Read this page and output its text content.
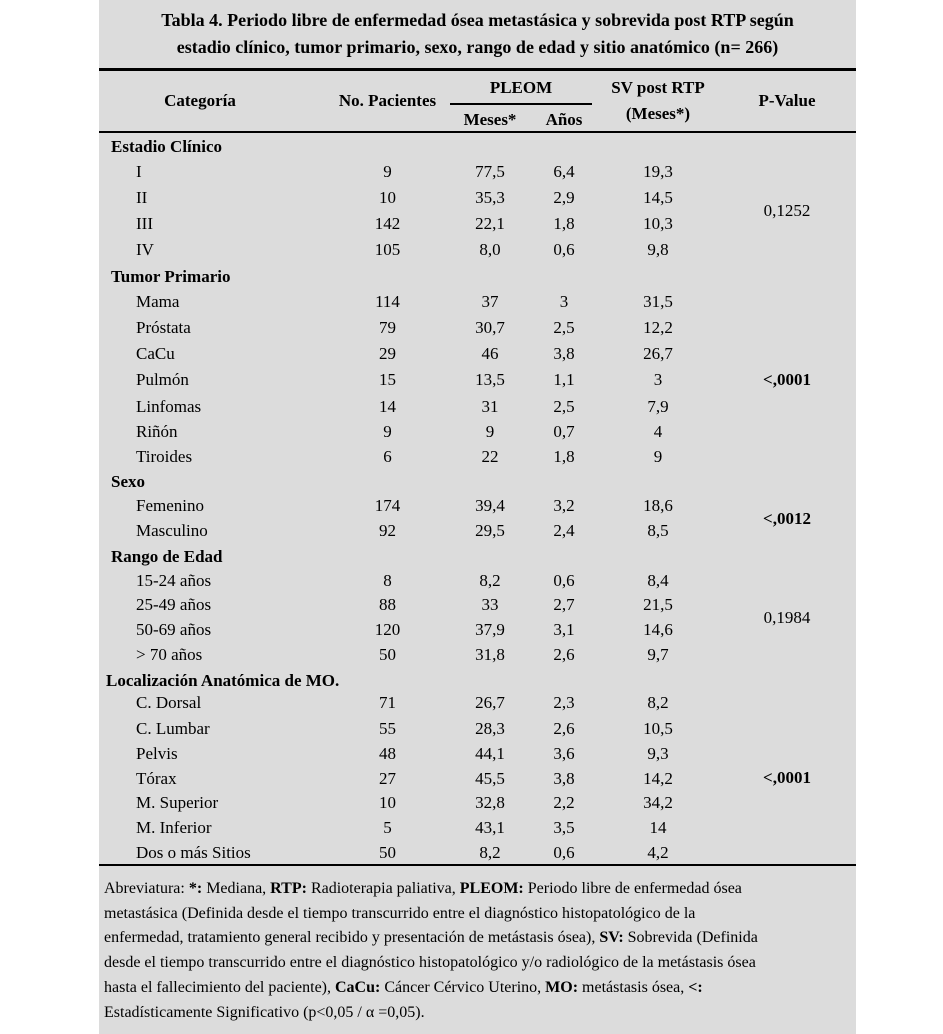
Tabla 4. Periodo libre de enfermedad ósea metastásica y sobrevida post RTP según
estadio clínico, tumor primario, sexo, rango de edad y sitio anatómico (n= 266)
Categoría	No. Pacientes
PLEOM
Meses*	Años
SV post RTP
(Meses*)
P-Value
Estadio Clínico
I	9	77,5	6,4	19,3
II	10	35,3	2,9	14,5
III	142	22,1	1,8	10,3
IV	105	8,0	0,6	9,8
0,1252
Tumor Primario
Mama	114	37	3	31,5
Próstata	79	30,7	2,5	12,2
CaCu	29	46	3,8	26,7
Pulmón	15	13,5	1,1	3
Linfomas	14	31	2,5	7,9
Riñón	9	9	0,7	4
Tiroides	6	22	1,8	9
<,0001
Sexo
Femenino	174	39,4	3,2	18,6
Masculino	92	29,5	2,4	8,5
<,0012
Rango de Edad
15-24 años	8	8,2	0,6	8,4
25-49 años	88	33	2,7	21,5
50-69 años	120	37,9	3,1	14,6
> 70 años	50	31,8	2,6	9,7
0,1984
Localización Anatómica de MO.
C. Dorsal	71	26,7	2,3	8,2
C. Lumbar	55	28,3	2,6	10,5
Pelvis	48	44,1	3,6	9,3
Tórax	27	45,5	3,8	14,2
M. Superior	10	32,8	2,2	34,2
M. Inferior	5	43,1	3,5	14
Dos o más Sitios	50	8,2	0,6	4,2
<,0001
Abreviatura: *: Mediana, RTP: Radioterapia paliativa, PLEOM: Periodo libre de enfermedad ósea
metastásica (Definida desde el tiempo transcurrido entre el diagnóstico histopatológico de la
enfermedad, tratamiento general recibido y presentación de metástasis ósea), SV: Sobrevida (Definida
desde el tiempo transcurrido entre el diagnóstico histopatológico y/o radiológico de la metástasis ósea
hasta el fallecimiento del paciente), CaCu: Cáncer Cérvico Uterino, MO: metástasis ósea, <:
Estadísticamente Significativo (p<0,05 / α =0,05).
